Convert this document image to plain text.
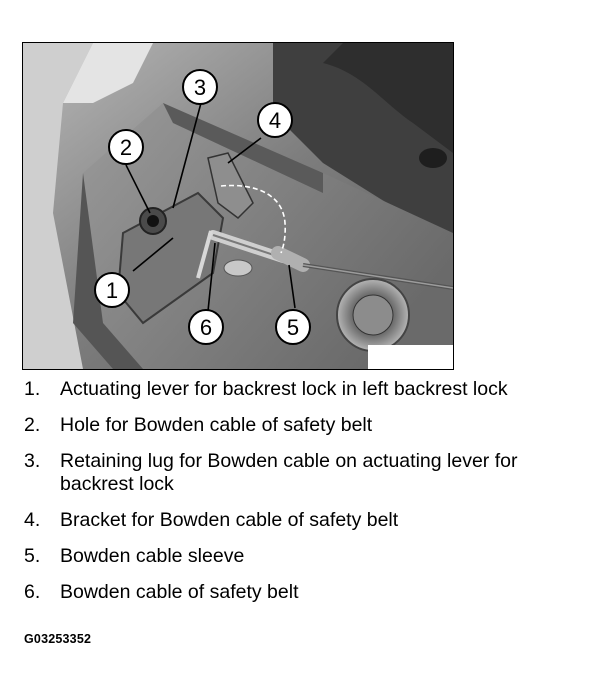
3
2
4
1
6	5
1.	Actuating lever for backrest lock in left backrest lock
2.	Hole for Bowden cable of safety belt
3.	Retaining lug for Bowden cable on actuating lever for backrest lock
4.	Bracket for Bowden cable of safety belt
5.	Bowden cable sleeve
6.	Bowden cable of safety belt
G03253352
